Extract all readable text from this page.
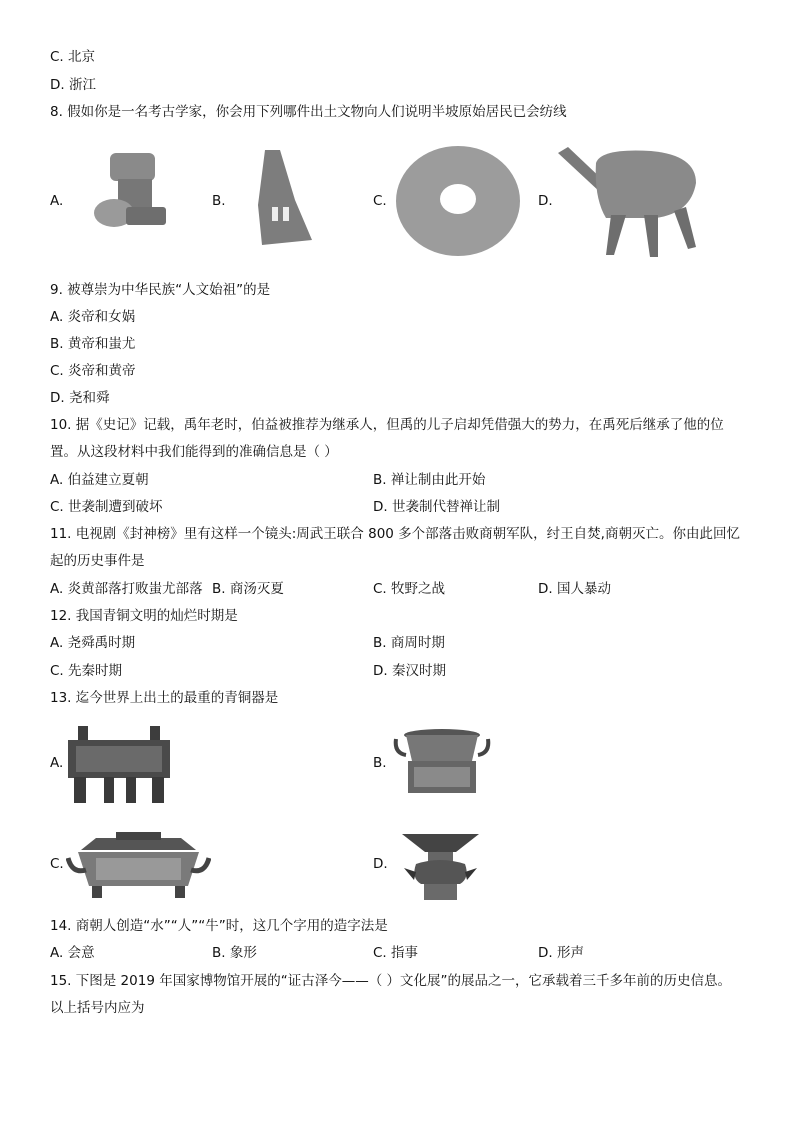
C. 北京
D. 浙江
8. 假如你是一名考古学家，你会用下列哪件出土文物向人们说明半坡原始居民已会纺线
A.	B.	C.	D.
9. 被尊崇为中华民族“人文始祖”的是
A. 炎帝和女娲
B. 黄帝和蚩尤
C. 炎帝和黄帝
D. 尧和舜
10. 据《史记》记载，禹年老时，伯益被推荐为继承人，但禹的儿子启却凭借强大的势力，在禹死后继承了他的位
置。从这段材料中我们能得到的准确信息是（ ）
A. 伯益建立夏朝	B. 禅让制由此开始
C. 世袭制遭到破坏	D. 世袭制代替禅让制
11. 电视剧《封神榜》里有这样一个镜头:周武王联合 800 多个部落击败商朝军队，纣王自焚,商朝灭亡。你由此回忆
起的历史事件是
A. 炎黄部落打败蚩尤部落 B. 商汤灭夏	C. 牧野之战	D. 国人暴动
12. 我国青铜文明的灿烂时期是
A. 尧舜禹时期	B. 商周时期
C. 先秦时期	D. 秦汉时期
13. 迄今世界上出土的最重的青铜器是
A.	B.
C.	D.
14. 商朝人创造“水”“人”“牛”时，这几个字用的造字法是
A. 会意	B. 象形	C. 指事	D. 形声
15. 下图是 2019 年国家博物馆开展的“证古泽今——（ ）文化展”的展品之一，它承载着三千多年前的历史信息。
以上括号内应为
